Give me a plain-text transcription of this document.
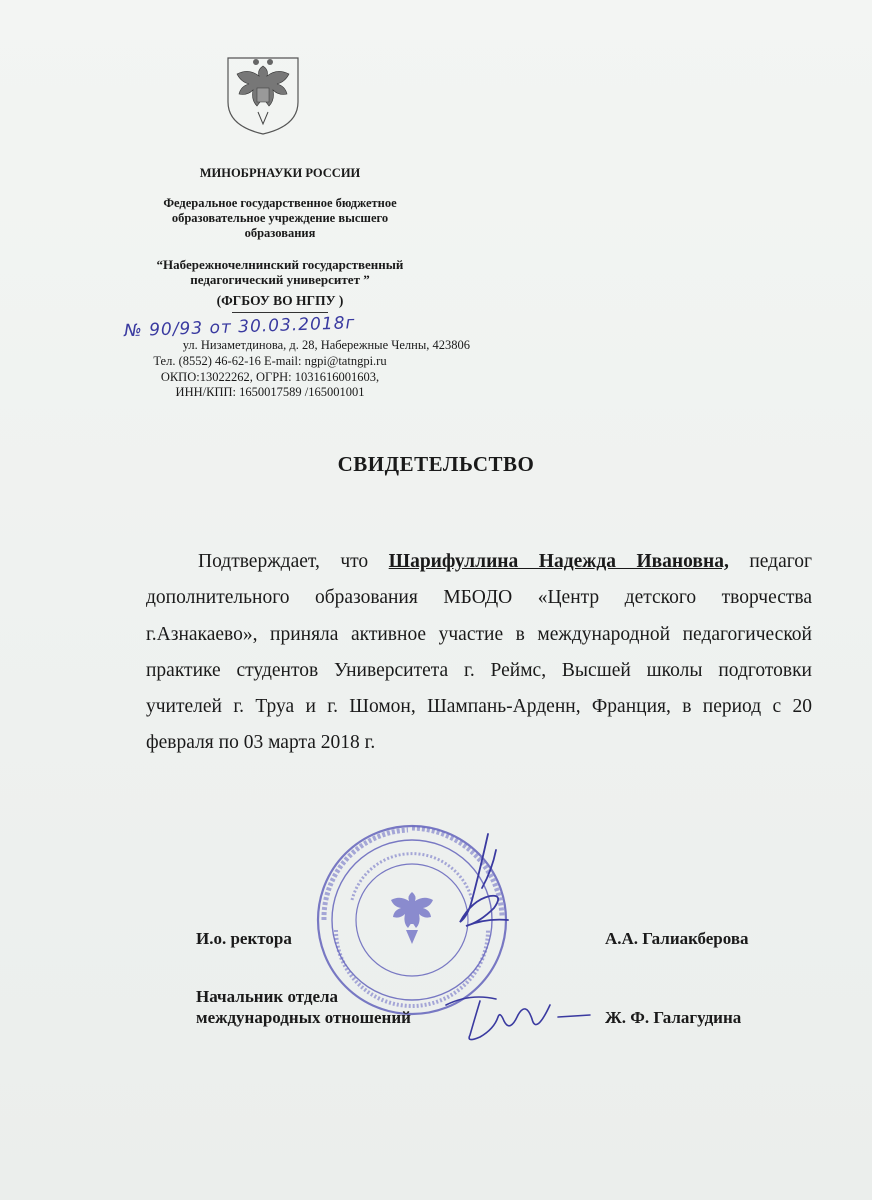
МИНОБРНАУКИ РОССИИ
Федеральное государственное бюджетное
образовательное учреждение высшего
образования
“Набережночелнинский государственный
педагогический университет ”
(ФГБОУ ВО НГПУ )
№ 90/93 от 30.03.2018г
ул. Низаметдинова, д. 28, Набережные Челны, 423806
Тел. (8552) 46-62-16 E-mail: ngpi@tatngpi.ru
ОКПО:13022262, ОГРН: 1031616001603,
ИНН/КПП: 1650017589 /165001001
СВИДЕТЕЛЬСТВО
Подтверждает, что Шарифуллина Надежда Ивановна, педагог дополнительного образования МБОДО «Центр детского творчества г.Азнакаево», приняла активное участие в международной педагогической практике студентов Университета г. Реймс, Высшей школы подготовки учителей г. Труа и г. Шомон, Шампань-Арденн, Франция, в период с 20 февраля по 03 марта 2018 г.
И.о. ректора	А.А. Галиакберова
Начальник отдела
международных отношений	Ж. Ф. Галагудина
